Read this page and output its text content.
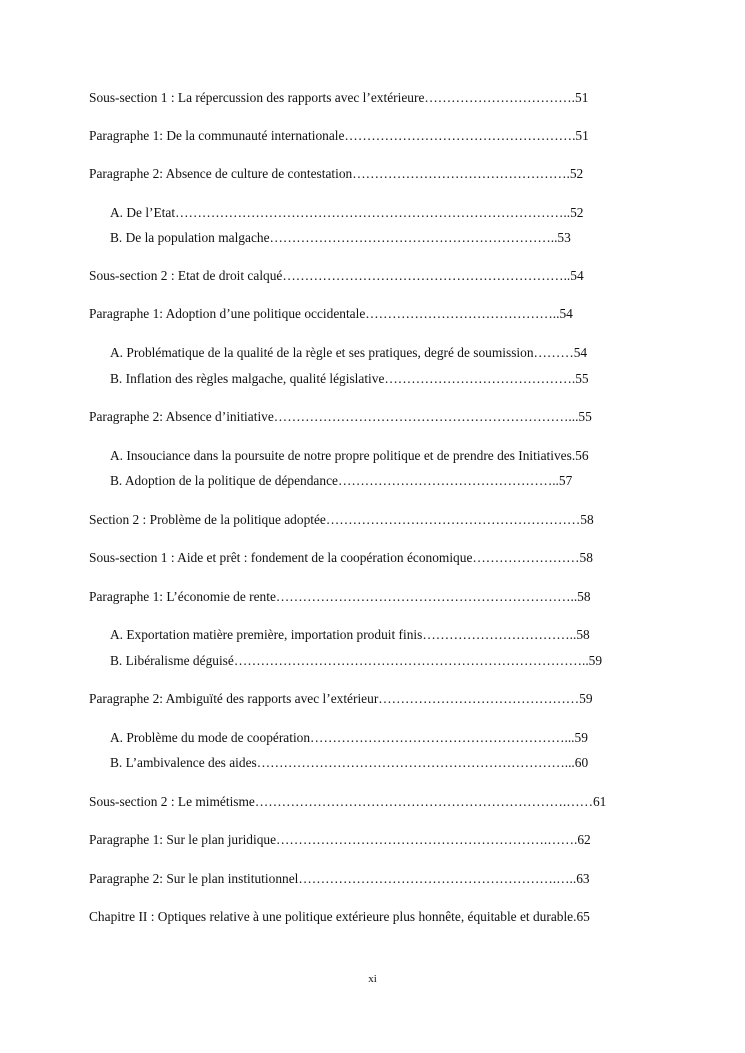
Sous-section 1 : La répercussion des rapports avec l’extérieure…………………………….51
Paragraphe 1: De la communauté internationale…………………………………………….51
Paragraphe 2: Absence de culture de contestation………………………………………….52
A. De l’Etat……………………………………………………………………………..52
B. De la population malgache………………………………………………………..53
Sous-section 2 : Etat de droit calqué………………………………………………………..54
Paragraphe 1: Adoption d’une politique occidentale……………………………………..54
A. Problématique de la qualité de la règle et ses pratiques, degré de soumission………54
B. Inflation des règles malgache, qualité législative…………………………………….55
Paragraphe 2: Absence d’initiative…………………………………………………………...55
A. Insouciance dans la poursuite de notre propre politique et de prendre des Initiatives.56
B. Adoption de la politique de dépendance…………………………………………..57
Section 2 : Problème de la politique adoptée…………………………………………………58
Sous-section 1 : Aide et prêt : fondement de la coopération économique……………………58
Paragraphe 1: L’économie de rente…………………………………………………………..58
A. Exportation matière première, importation produit finis……………………………..58
B. Libéralisme déguisé……………………………………………………………………..59
Paragraphe 2: Ambiguïté des rapports avec l’extérieur………………………………………59
A. Problème du mode de coopération…………………………………………………...59
B. L’ambivalence des aides……………………………………………………………...60
Sous-section 2 : Le mimétisme…………………………………………………………….……61
Paragraphe 1: Sur le plan juridique…………………………………………………….…….62
Paragraphe 2: Sur le plan institutionnel………………………………………………….…..63
Chapitre II : Optiques relative à une politique extérieure plus honnête, équitable et durable.65
xi
